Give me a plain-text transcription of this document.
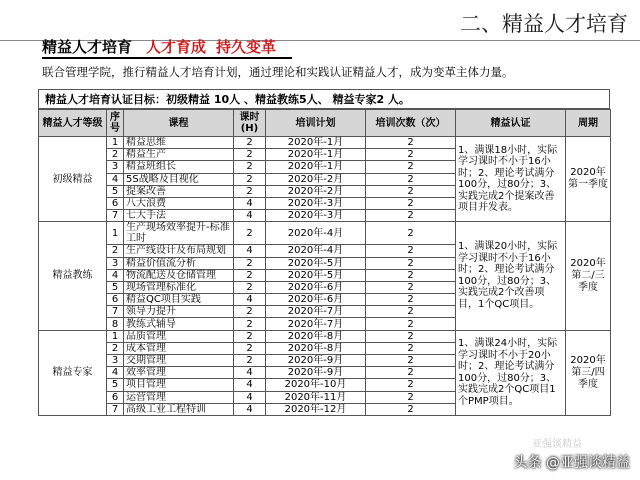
二、精益人才培育
精益人才培育 人才育成 持久变革
联合管理学院，推行精益人才培育计划，通过理论和实践认证精益人才，成为变革主体力量。
精益人才培育认证目标：初级精益 10人 、精益教练5人、 精益专家2 人。
精益人才等级	序号	课程	课时(H)	培训计划	培训次数（次）	精益认证	周期
初级精益	1	精益思维	2	2020年-1月	2	1、满课18小时，实际学习课时不小于16小时；2、理论考试满分100分，过80分；3、实践完成2个提案改善项目并发表。	2020年第一季度
	2	精益生产	2	2020年-1月	2		
	3	精益班组长	2	2020年-1月	2		
	4	5S战略及目视化	2	2020年-2月	2		
	5	提案改善	2	2020年-2月	2		
	6	八大浪费	4	2020年-3月	2		
	7	七大手法	4	2020年-3月	2		
精益教练	1	生产现场效率提升-标准工时	2	2020年-4月	2	1、满课20小时，实际学习课时不小于16小时；2、理论考试满分100分，过80分；3、实践完成2个改善项目，1个QC项目。	2020年第二/三季度
	2	生产线设计及布局规划	4	2020年-4月	2		
	3	精益价值流分析	2	2020年-5月	2		
	4	物流配送及仓储管理	2	2020年-5月	2		
	5	现场管理标准化	2	2020年-6月	2		
	6	精益QC项目实践	4	2020年-6月	2		
	7	领导力提升	2	2020年-7月	2		
	8	教练式辅导	2	2020年-7月	2		
精益专家	1	品质管理	2	2020年-8月	2	1、满课24小时，实际学习课时不小于20小时；2、理论考试满分100分，过80分；3、实践完成2个QC项目1个PMP项目。	2020年第三/四季度
	2	成本管理	2	2020年-8月	2		
	3	交期管理	2	2020年-9月	2		
	4	效率管理	4	2020年-9月	2		
	5	项目管理	4	2020年-10月	2		
	6	运营管理	4	2020年-11月	2		
	7	高级工业工程特训	4	2020年-12月	2		
亚强谈精益
头条 @亚强谈精益
